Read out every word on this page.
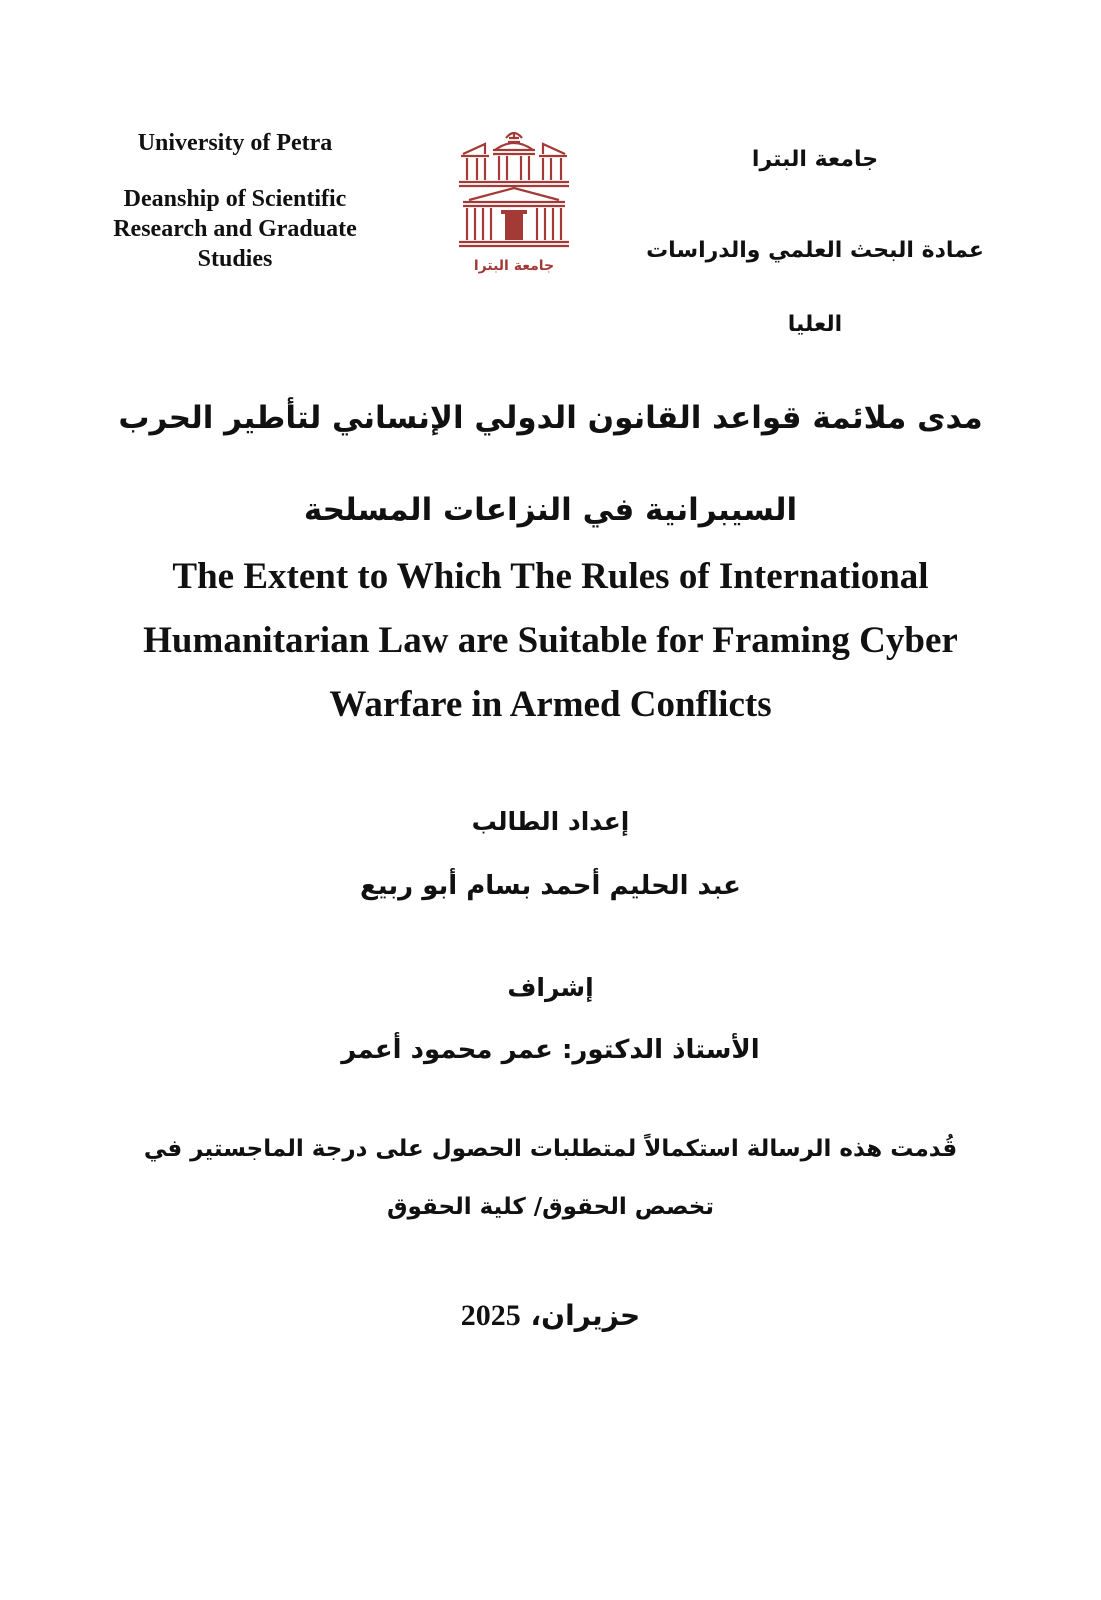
University of Petra

Deanship of Scientific Research and Graduate Studies	جامعة البترا

جامعة البترا

عمادة البحث العلمي والدراسات العليا

مدى ملائمة قواعد القانون الدولي الإنساني لتأطير الحرب السيبرانية في النزاعات المسلحة

The Extent to Which The Rules of International Humanitarian Law are Suitable for Framing Cyber Warfare in Armed Conflicts

إعداد الطالب

عبد الحليم أحمد بسام أبو ربيع

إشراف

الأستاذ الدكتور: عمر محمود أعمر

قُدمت هذه الرسالة استكمالاً لمتطلبات الحصول على درجة الماجستير في تخصص الحقوق/ كلية الحقوق

حزيران، 2025
